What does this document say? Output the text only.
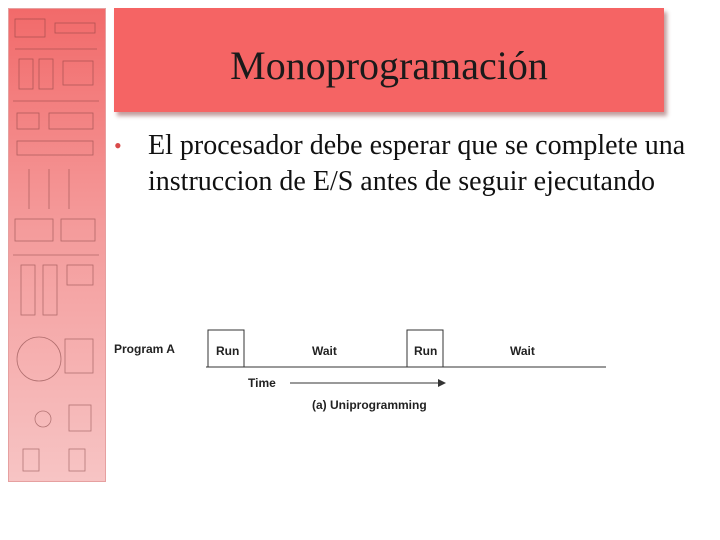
Monoprogramación
• El procesador debe esperar que se complete una instruccion de E/S antes de seguir ejecutando
Program A	Run	Wait	Run	Wait
Time
(a) Uniprogramming
